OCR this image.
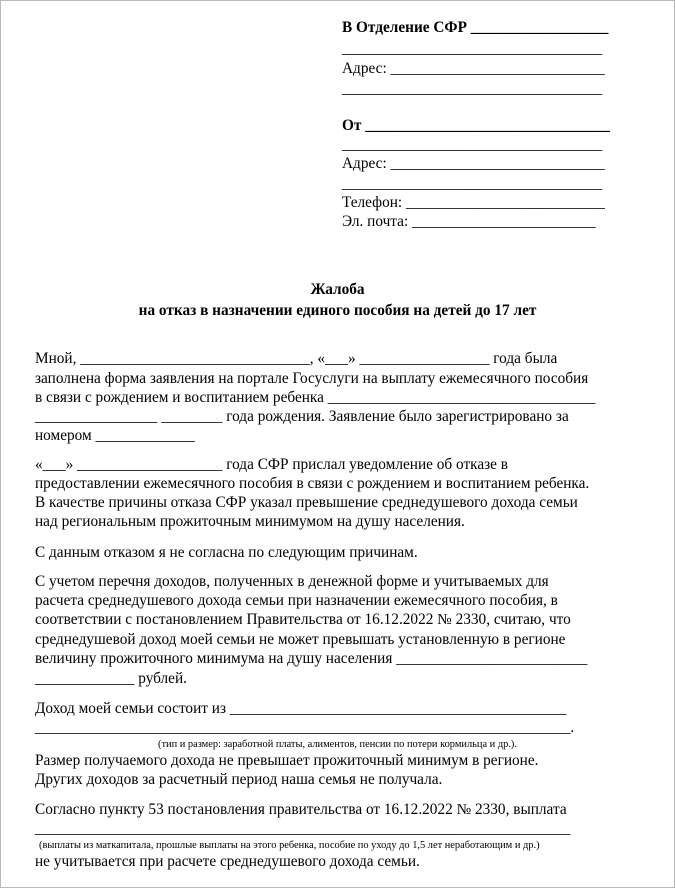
В Отделение СФР __________________
__________________________________
Адрес: ____________________________
__________________________________
От ________________________________
__________________________________
Адрес: ____________________________
__________________________________
Телефон: __________________________
Эл. почта: ________________________
Жалоба
на отказ в назначении единого пособия на детей до 17 лет
Мной, ______________________________, «___» _________________ года была
заполнена форма заявления на портале Госуслуги на выплату ежемесячного пособия
в связи с рождением и воспитанием ребенка ___________________________________
________________ ________ года рождения. Заявление было зарегистрировано за
номером _____________
«___» ___________________ года СФР прислал уведомление об отказе в
предоставлении ежемесячного пособия в связи с рождением и воспитанием ребенка.
В качестве причины отказа СФР указал превышение среднедушевого дохода семьи
над региональным прожиточным минимумом на душу населения.
С данным отказом я не согласна по следующим причинам.
С учетом перечня доходов, полученных в денежной форме и учитываемых для
расчета среднедушевого дохода семьи при назначении ежемесячного пособия, в
соответствии с постановлением Правительства от 16.12.2022 № 2330, считаю, что
среднедушевой доход моей семьи не может превышать установленную в регионе
величину прожиточного минимума на душу населения _________________________
_____________ рублей.
Доход моей семьи состоит из ____________________________________________
______________________________________________________________________.
(тип и размер: заработной платы, алиментов, пенсии по потери кормильца и др.).
Размер получаемого дохода не превышает прожиточный минимум в регионе.
Других доходов за расчетный период наша семья не получала.
Согласно пункту 53 постановления правительства от 16.12.2022 № 2330, выплата
______________________________________________________________________
(выплаты из маткапитала, прошлые выплаты на этого ребенка, пособие по уходу до 1,5 лет неработающим и др.)
не учитывается при расчете среднедушевого дохода семьи.
